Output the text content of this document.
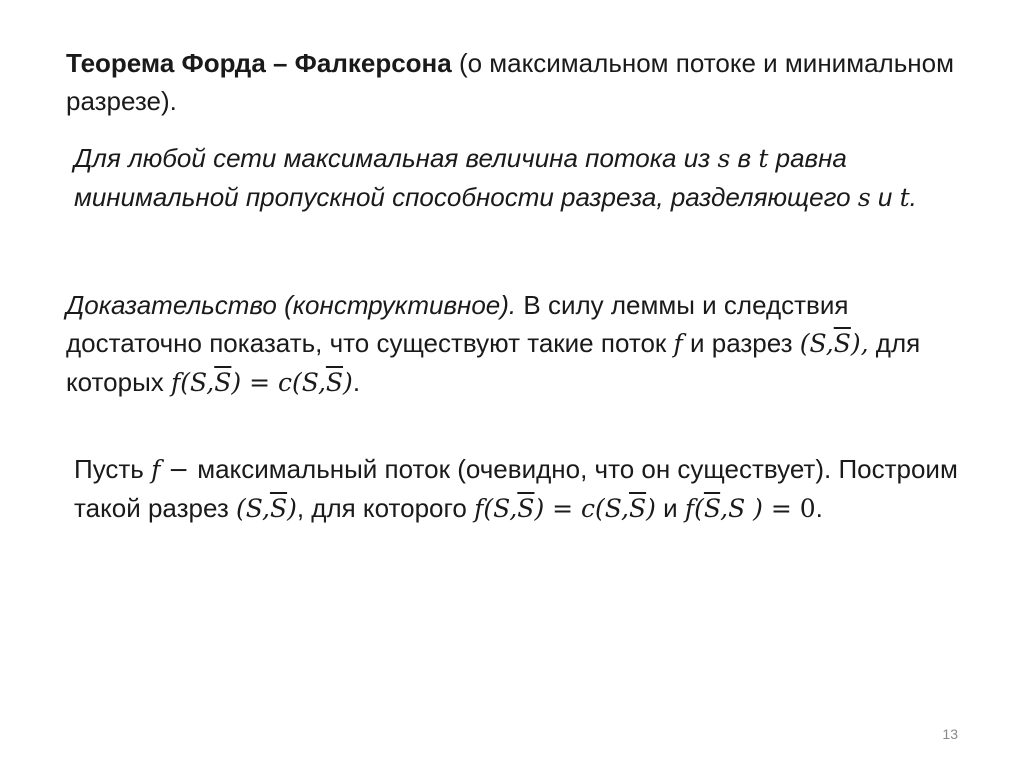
Теорема Форда – Фалкерсона (о максимальном потоке и минимальном разрезе).
Для любой сети максимальная величина потока из s в t равна минимальной пропускной способности разреза, разделяющего s и t.
Доказательство (конструктивное). В силу леммы и следствия достаточно показать, что существуют такие поток f и разрез $(S,\overline{S})$, для которых $f(S,\overline{S}) = c(S,\overline{S})$.
Пусть f − максимальный поток (очевидно, что он существует). Построим такой разрез $(S,\overline{S})$, для которого $f(S,\overline{S}) = c(S,\overline{S})$ и $f(\overline{S},S$ ) = 0.
13
